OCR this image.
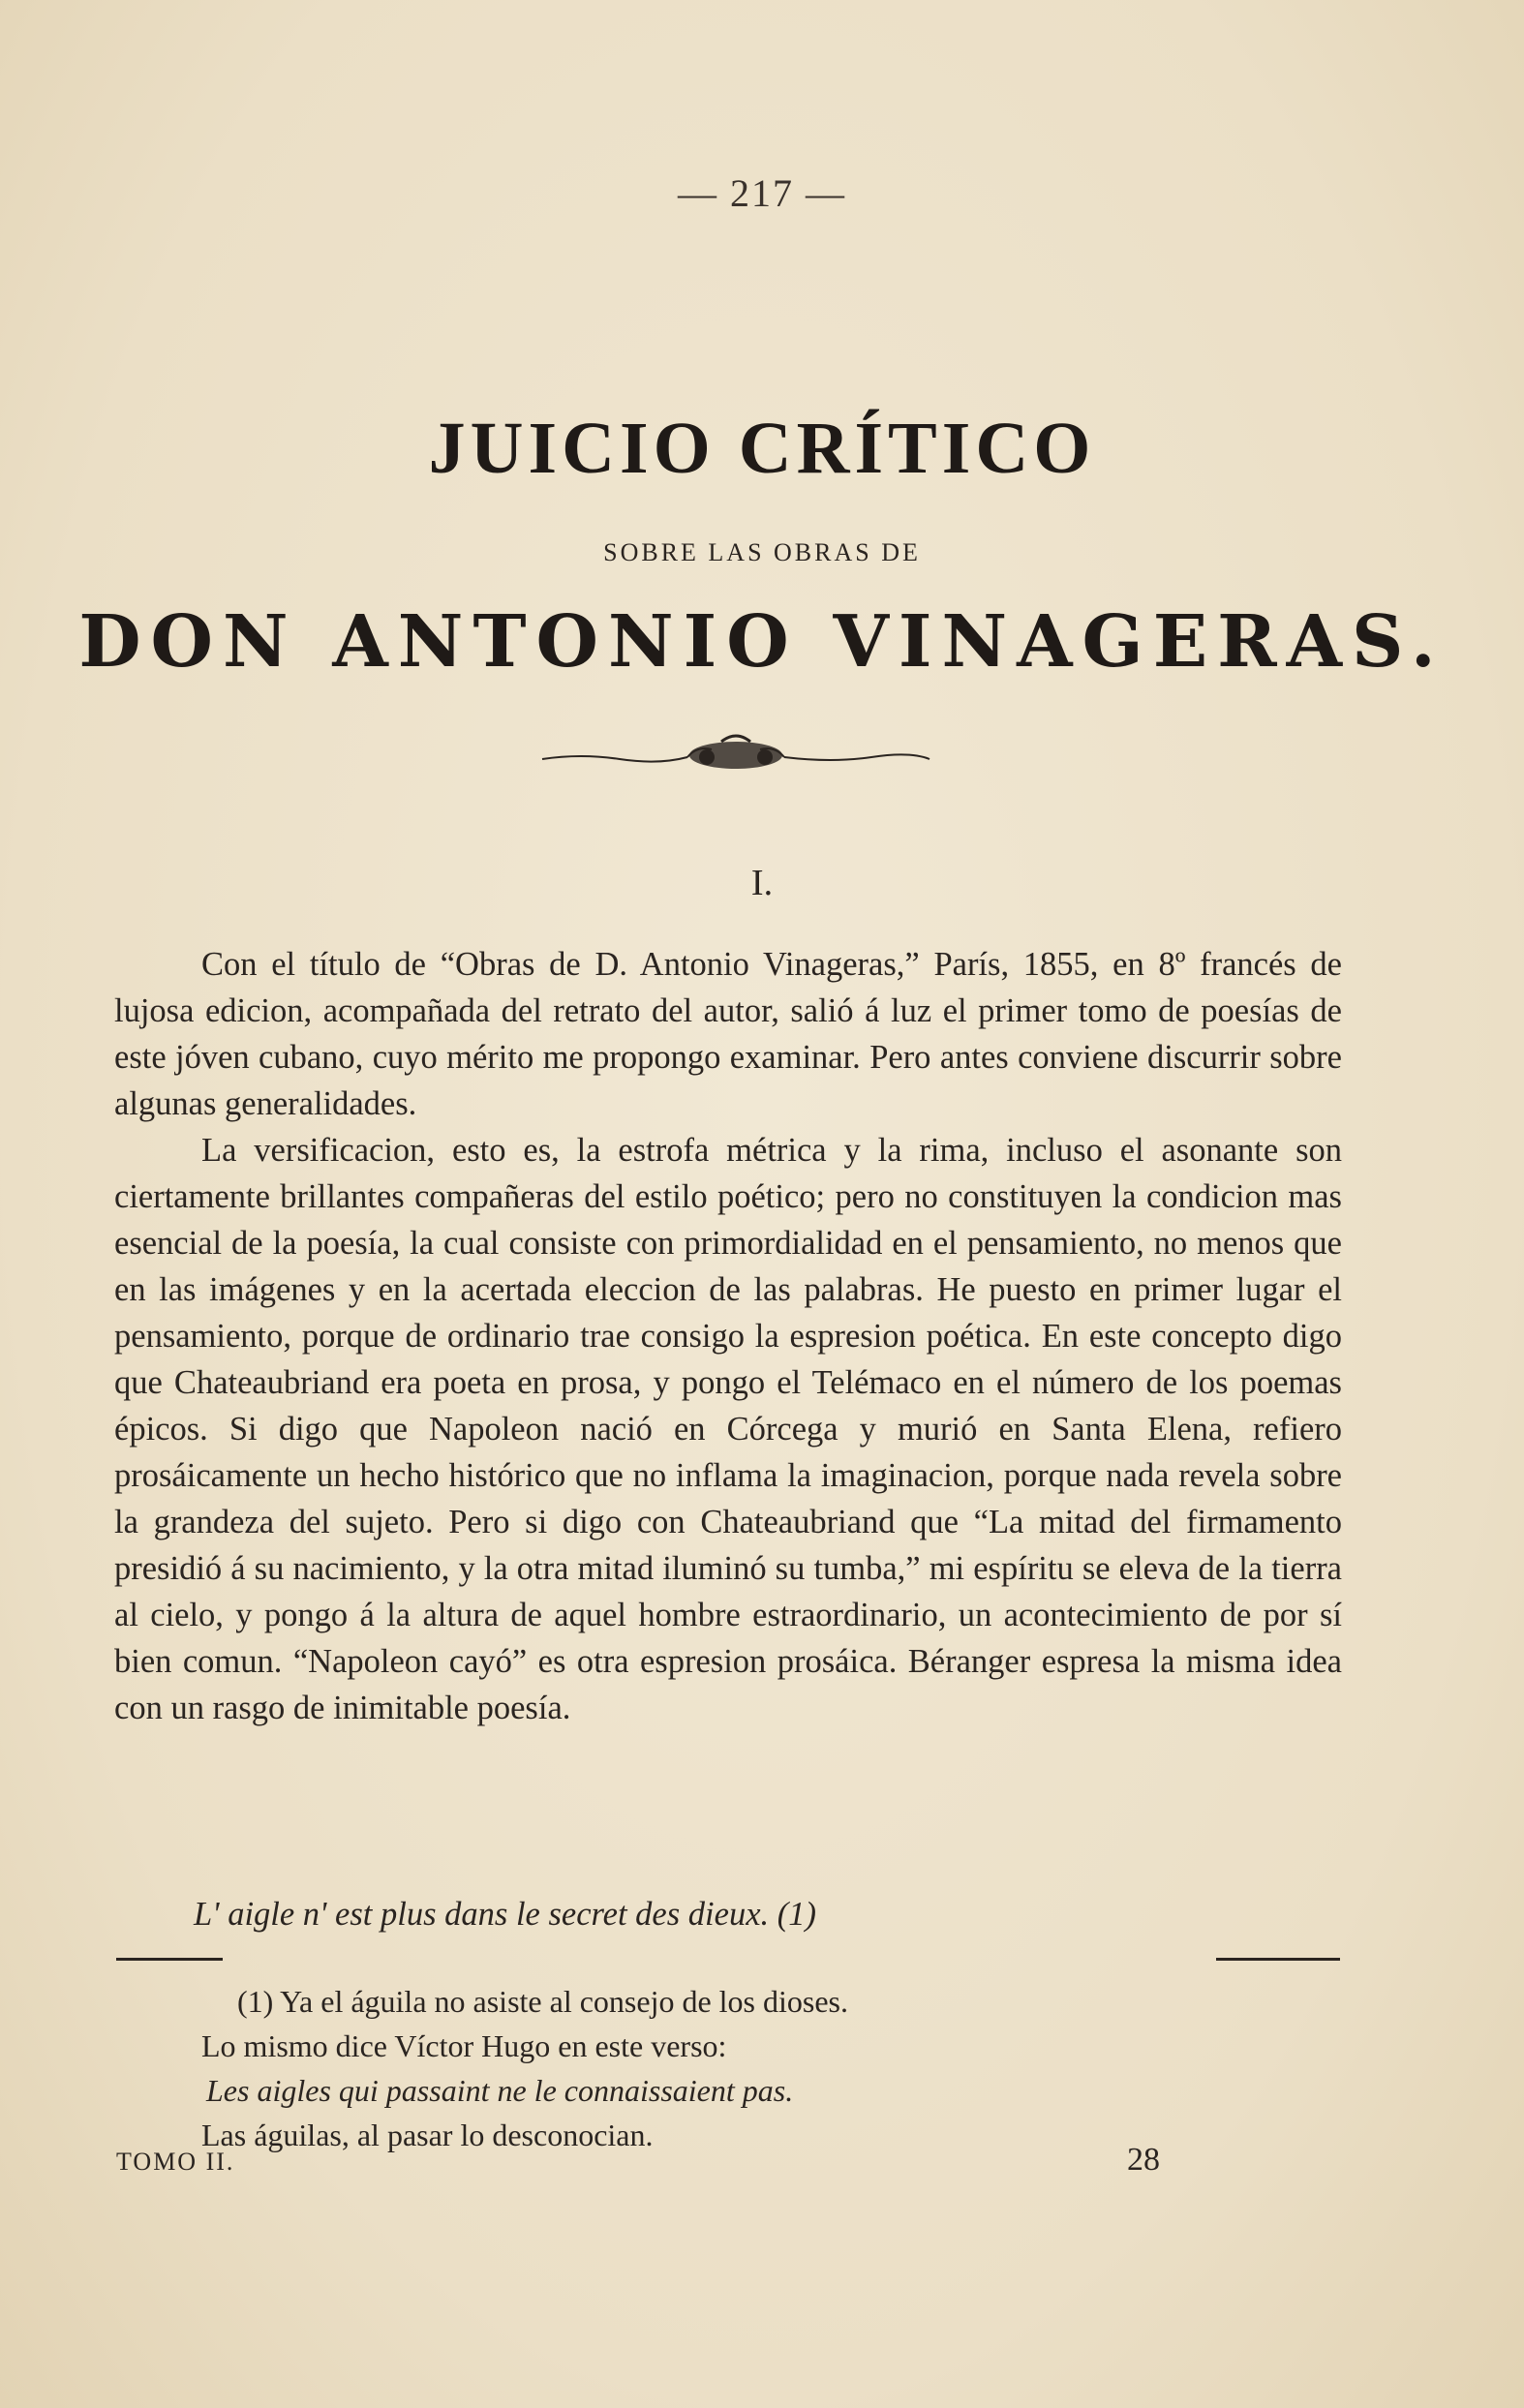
— 217 —
JUICIO CRÍTICO
SOBRE LAS OBRAS DE
DON ANTONIO VINAGERAS.
I.

Con el título de “Obras de D. Antonio Vinageras,” París, 1855, en 8º francés de lujosa edicion, acompañada del retrato del autor, salió á luz el primer tomo de poesías de este jóven cubano, cuyo mérito me propongo examinar. Pero antes conviene discurrir sobre algunas generalidades.

La versificacion, esto es, la estrofa métrica y la rima, incluso el asonante son ciertamente brillantes compañeras del estilo poético; pero no constituyen la condicion mas esencial de la poesía, la cual consiste con primordialidad en el pensamiento, no menos que en las imágenes y en la acertada eleccion de las palabras. He puesto en primer lugar el pensamiento, porque de ordinario trae consigo la espresion poética. En este concepto digo que Chateaubriand era poeta en prosa, y pongo el Telémaco en el número de los poemas épicos. Si digo que Napoleon nació en Córcega y murió en Santa Elena, refiero prosáicamente un hecho histórico que no inflama la imaginacion, porque nada revela sobre la grandeza del sujeto. Pero si digo con Chateaubriand que “La mitad del firmamento presidió á su nacimiento, y la otra mitad iluminó su tumba,” mi espíritu se eleva de la tierra al cielo, y pongo á la altura de aquel hombre estraordinario, un acontecimiento de por sí bien comun. “Napoleon cayó” es otra espresion prosáica. Béranger espresa la misma idea con un rasgo de inimitable poesía.

L' aigle n' est plus dans le secret des dieux. (1)
(1) Ya el águila no asiste al consejo de los dioses.
Lo mismo dice Víctor Hugo en este verso:
Les aigles qui passaint ne le connaissaient pas.
Las águilas, al pasar lo desconocian.
TOMO II.	28
